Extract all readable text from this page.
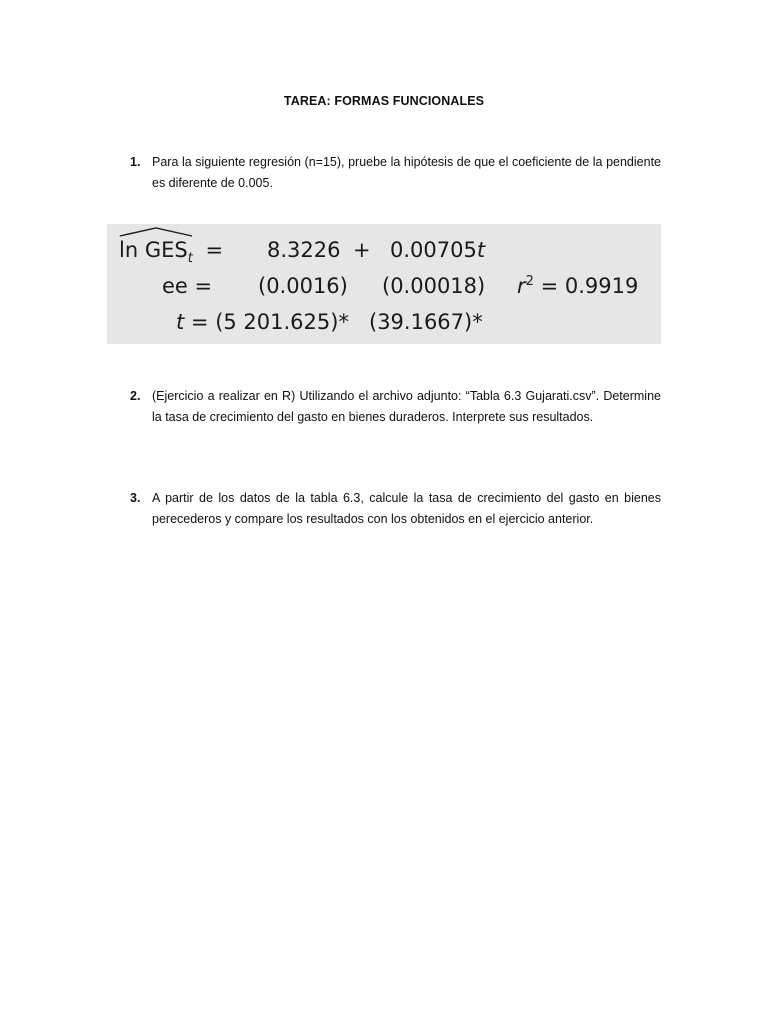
TAREA: FORMAS FUNCIONALES
1. Para la siguiente regresión (n=15), pruebe la hipótesis de que el coeficiente de la pendiente es diferente de 0.005.
$\ln GES_t = 8.3226 + 0.00705t$
ee = (0.0016) (0.00018) $r^2 = 0.9919$
t = (5 201.625)* (39.1667)*
2. (Ejercicio a realizar en R) Utilizando el archivo adjunto: “Tabla 6.3 Gujarati.csv”. Determine la tasa de crecimiento del gasto en bienes duraderos. Interprete sus resultados.
3. A partir de los datos de la tabla 6.3, calcule la tasa de crecimiento del gasto en bienes perecederos y compare los resultados con los obtenidos en el ejercicio anterior.
